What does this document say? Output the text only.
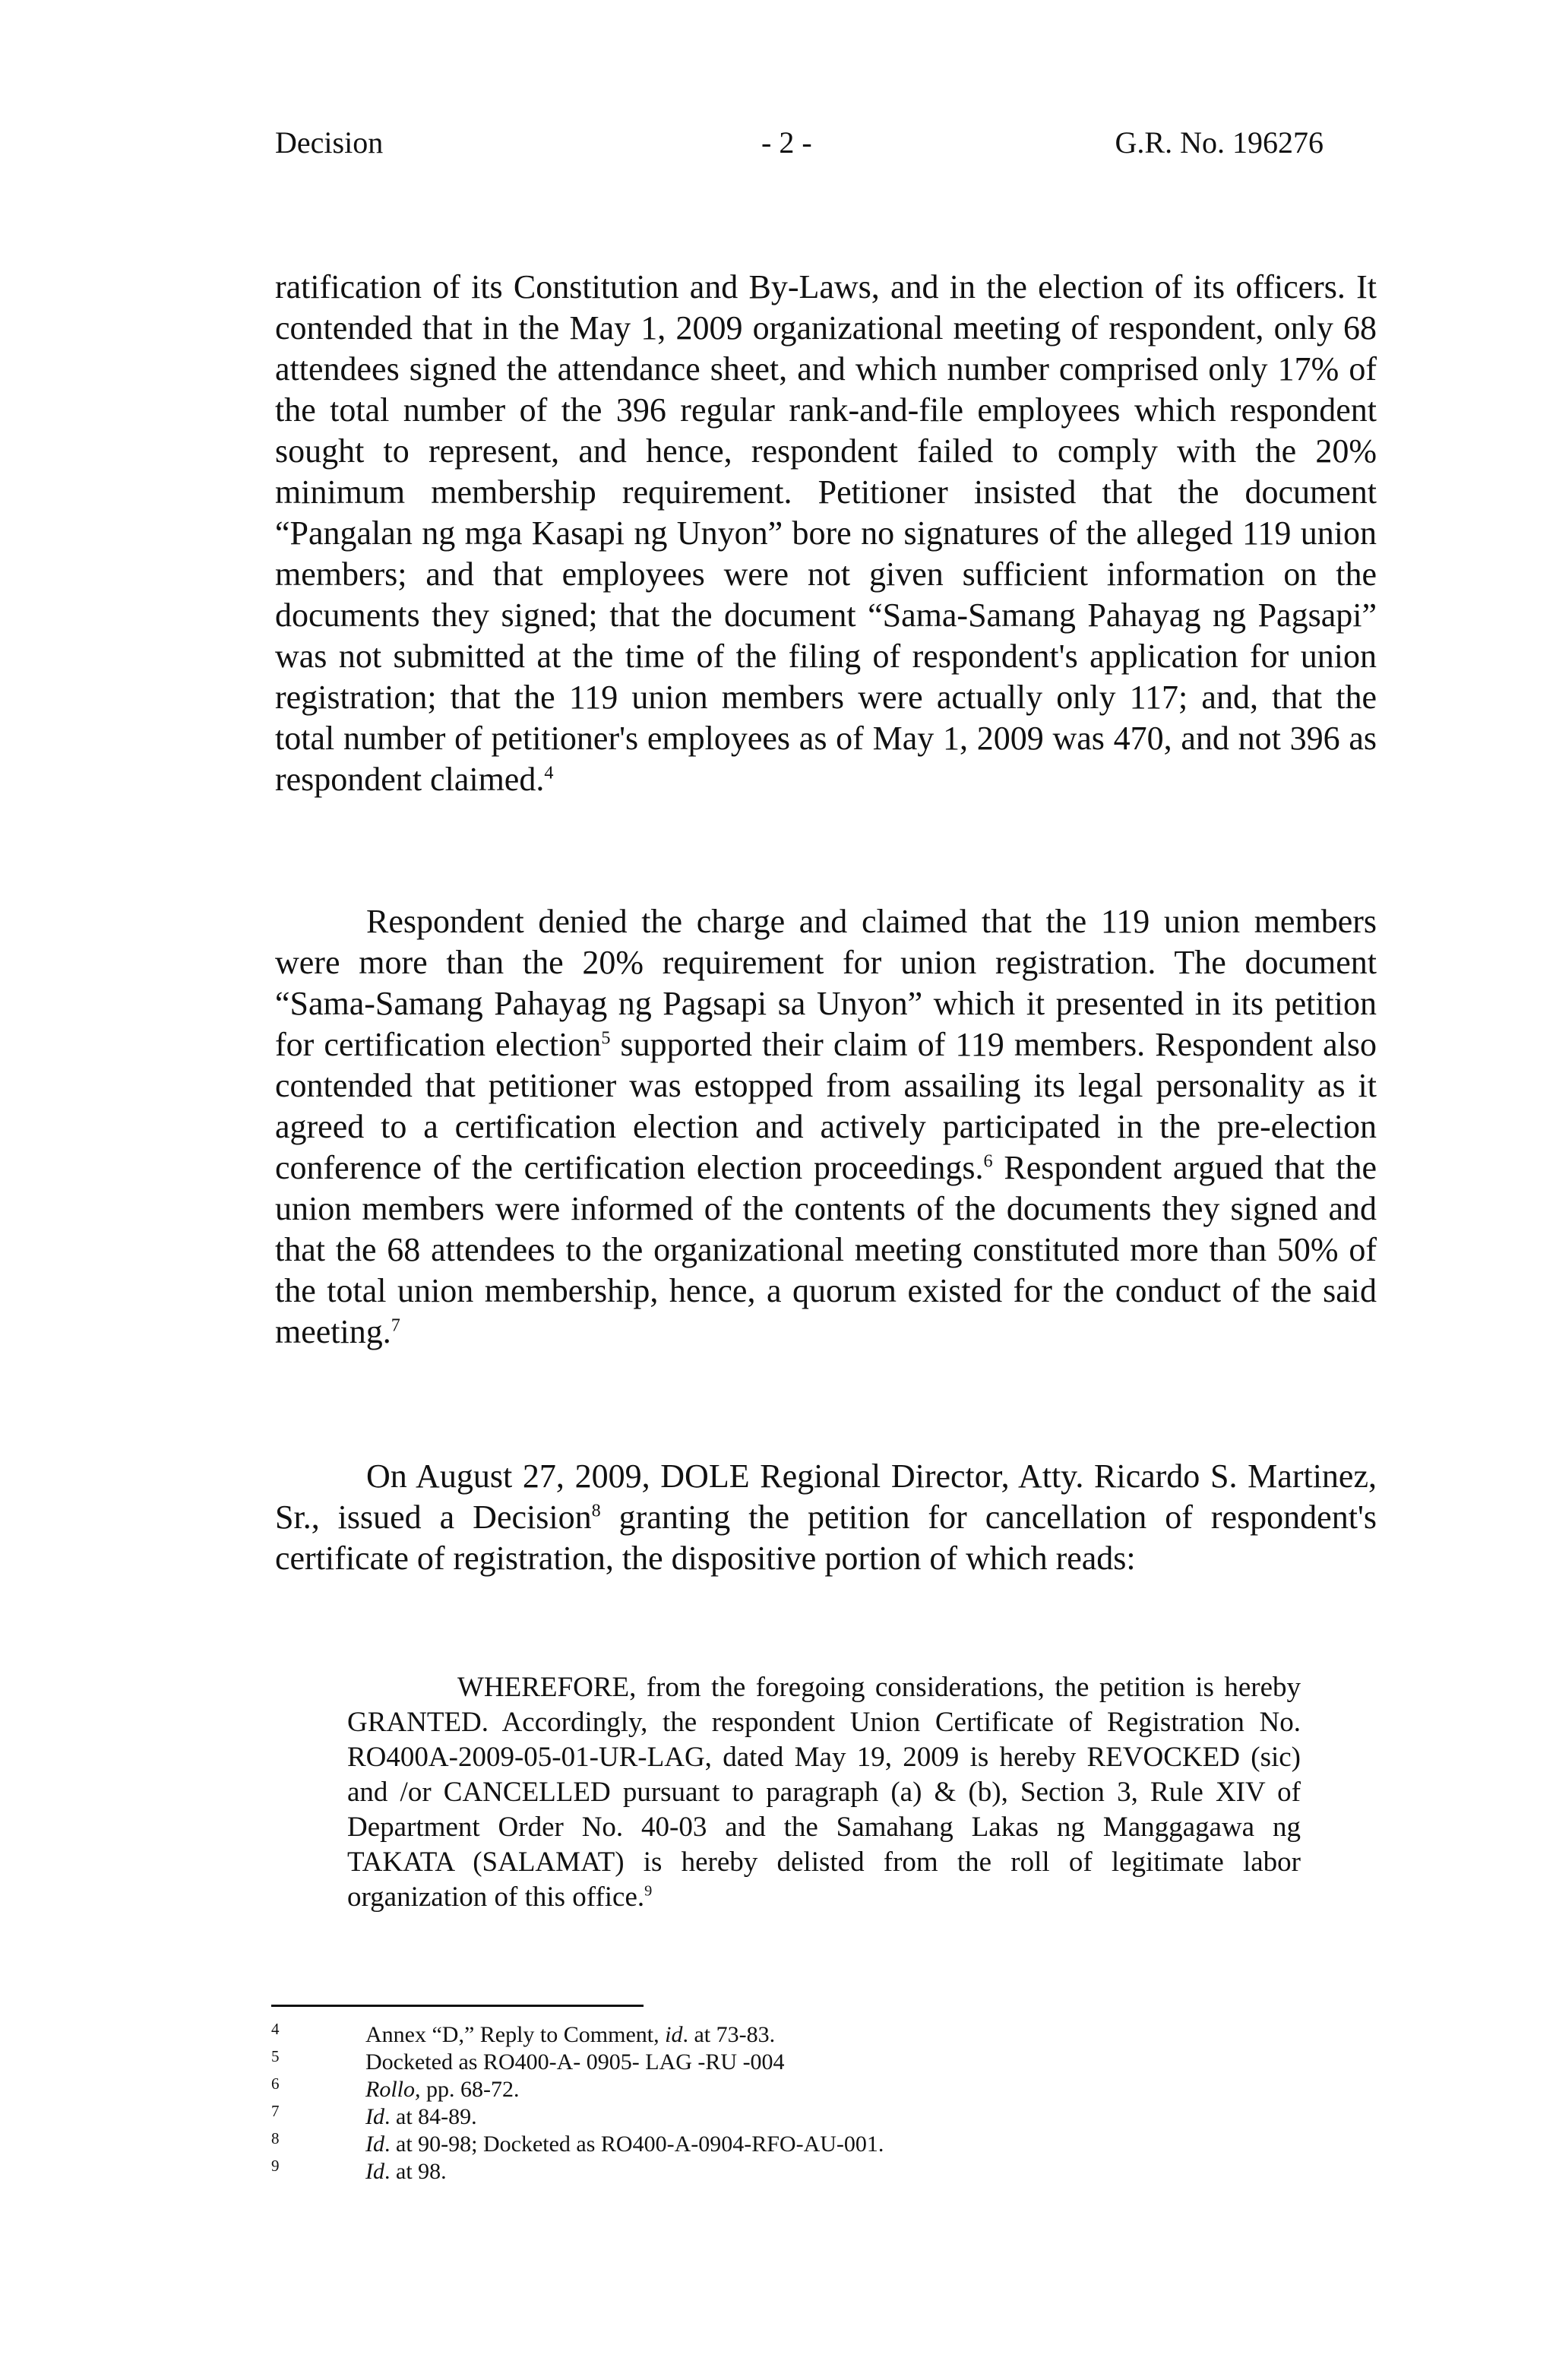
Decision	- 2 -	G.R. No. 196276
ratification of its Constitution and By-Laws, and in the election of its officers. It contended that in the May 1, 2009 organizational meeting of respondent, only 68 attendees signed the attendance sheet, and which number comprised only 17% of the total number of the 396 regular rank-and-file employees which respondent sought to represent, and hence, respondent failed to comply with the 20% minimum membership requirement. Petitioner insisted that the document “Pangalan ng mga Kasapi ng Unyon” bore no signatures of the alleged 119 union members; and that employees were not given sufficient information on the documents they signed; that the document “Sama-Samang Pahayag ng Pagsapi” was not submitted at the time of the filing of respondent's application for union registration; that the 119 union members were actually only 117; and, that the total number of petitioner's employees as of May 1, 2009 was 470, and not 396 as respondent claimed.$^4$
Respondent denied the charge and claimed that the 119 union members were more than the 20% requirement for union registration. The document “Sama-Samang Pahayag ng Pagsapi sa Unyon” which it presented in its petition for certification election$^5$ supported their claim of 119 members. Respondent also contended that petitioner was estopped from assailing its legal personality as it agreed to a certification election and actively participated in the pre-election conference of the certification election proceedings.$^6$ Respondent argued that the union members were informed of the contents of the documents they signed and that the 68 attendees to the organizational meeting constituted more than 50% of the total union membership, hence, a quorum existed for the conduct of the said meeting.$^7$
On August 27, 2009, DOLE Regional Director, Atty. Ricardo S. Martinez, Sr., issued a Decision$^8$ granting the petition for cancellation of respondent's certificate of registration, the dispositive portion of which reads:
WHEREFORE, from the foregoing considerations, the petition is hereby GRANTED. Accordingly, the respondent Union Certificate of Registration No. RO400A-2009-05-01-UR-LAG, dated May 19, 2009 is hereby REVOCKED (sic) and /or CANCELLED pursuant to paragraph (a) & (b), Section 3, Rule XIV of Department Order No. 40-03 and the Samahang Lakas ng Manggagawa ng TAKATA (SALAMAT) is hereby delisted from the roll of legitimate labor organization of this office.$^9$
4	Annex “D,” Reply to Comment, id. at 73-83.
5	Docketed as RO400-A- 0905- LAG -RU -004
6	Rollo, pp. 68-72.
7	Id. at 84-89.
8	Id. at 90-98; Docketed as RO400-A-0904-RFO-AU-001.
9	Id. at 98.
